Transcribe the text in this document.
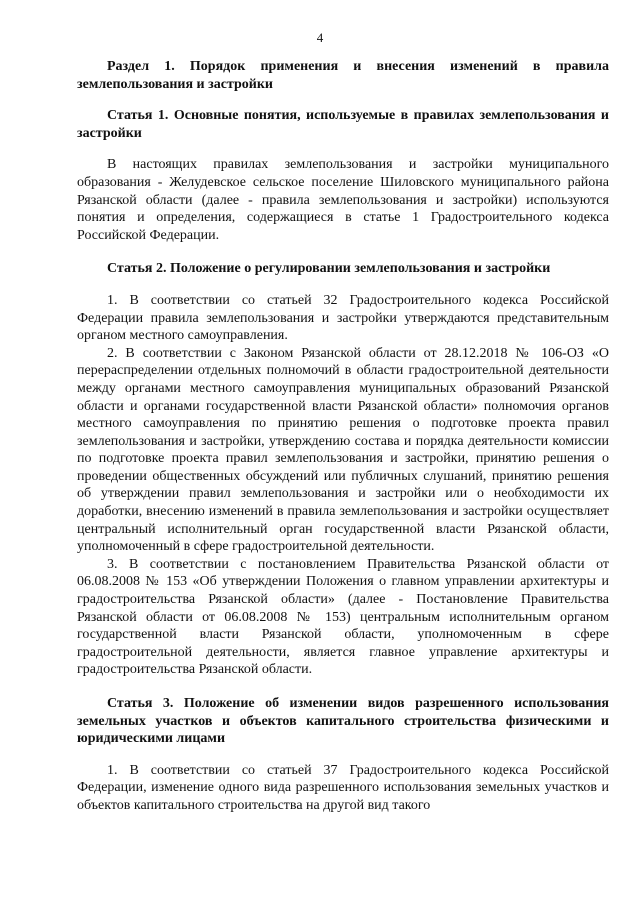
4

Раздел 1. Порядок применения и внесения изменений в правила землепользования и застройки

Статья 1. Основные понятия, используемые в правилах землепользования и застройки

В настоящих правилах землепользования и застройки муниципального образования - Желудевское сельское поселение Шиловского муниципального района Рязанской области (далее - правила землепользования и застройки) используются понятия и определения, содержащиеся в статье 1 Градостроительного кодекса Российской Федерации.

Статья 2. Положение о регулировании землепользования и застройки

1. В соответствии со статьей 32 Градостроительного кодекса Российской Федерации правила землепользования и застройки утверждаются представительным органом местного самоуправления.

2. В соответствии с Законом Рязанской области от 28.12.2018 № 106-ОЗ «О перераспределении отдельных полномочий в области градостроительной деятельности между органами местного самоуправления муниципальных образований Рязанской области и органами государственной власти Рязанской области» полномочия органов местного самоуправления по принятию решения о подготовке проекта правил землепользования и застройки, утверждению состава и порядка деятельности комиссии по подготовке проекта правил землепользования и застройки, принятию решения о проведении общественных обсуждений или публичных слушаний, принятию решения об утверждении правил землепользования и застройки или о необходимости их доработки, внесению изменений в правила землепользования и застройки осуществляет центральный исполнительный орган государственной власти Рязанской области, уполномоченный в сфере градостроительной деятельности.

3. В соответствии с постановлением Правительства Рязанской области от 06.08.2008 № 153 «Об утверждении Положения о главном управлении архитектуры и градостроительства Рязанской области» (далее - Постановление Правительства Рязанской области от 06.08.2008 № 153) центральным исполнительным органом государственной власти Рязанской области, уполномоченным в сфере градостроительной деятельности, является главное управление архитектуры и градостроительства Рязанской области.

Статья 3. Положение об изменении видов разрешенного использования земельных участков и объектов капитального строительства физическими и юридическими лицами

1. В соответствии со статьей 37 Градостроительного кодекса Российской Федерации, изменение одного вида разрешенного использования земельных участков и объектов капитального строительства на другой вид такого
